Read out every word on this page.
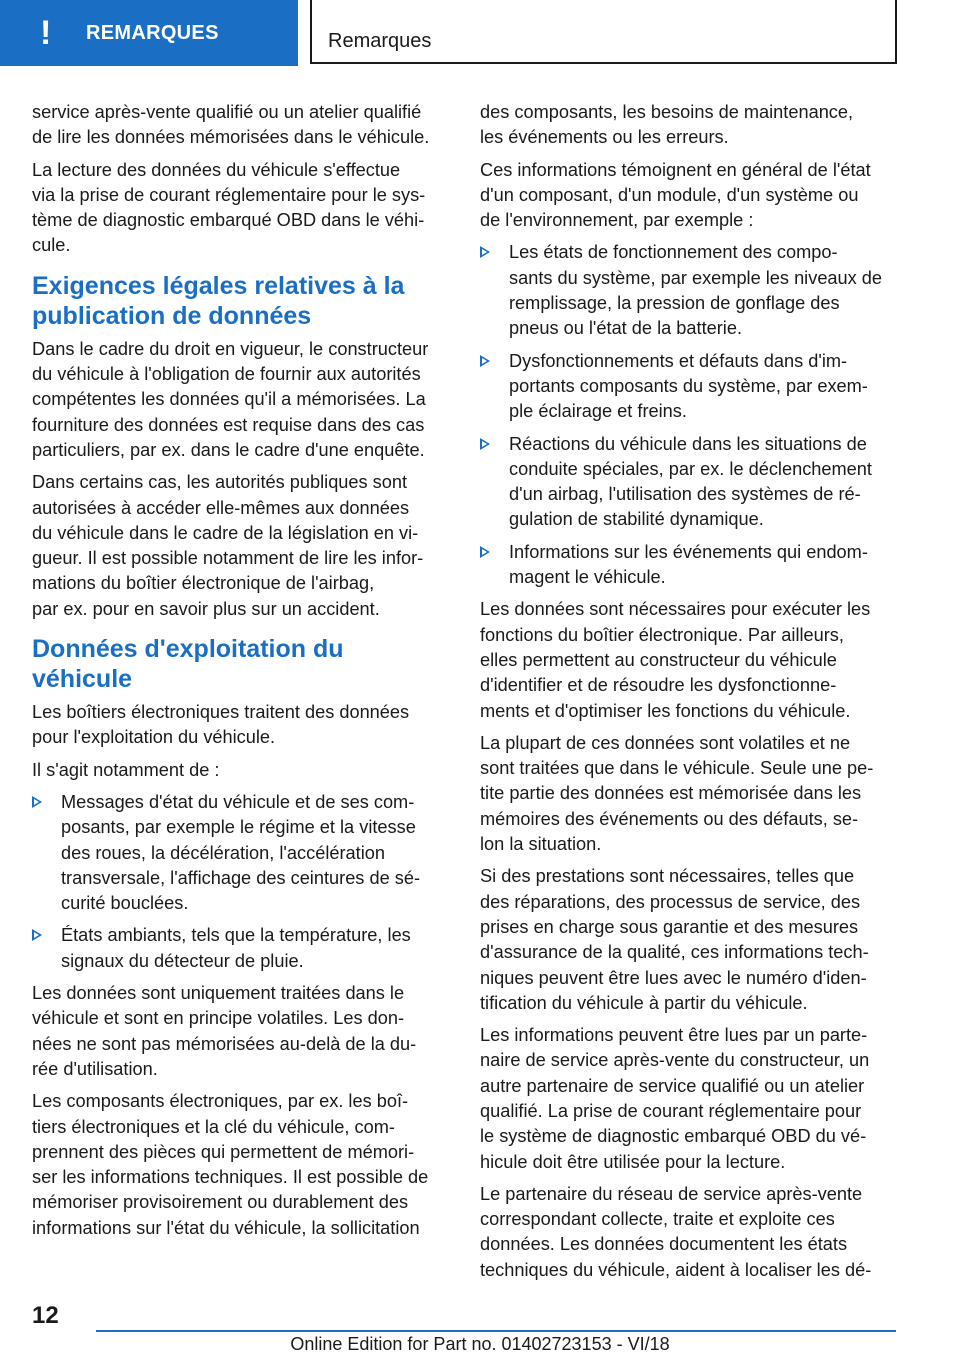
! REMARQUES	Remarques

service après-vente qualifié ou un atelier qualifié
de lire les données mémorisées dans le véhicule.

La lecture des données du véhicule s'effectue
via la prise de courant réglementaire pour le sys-
tème de diagnostic embarqué OBD dans le véhi-
cule.

Exigences légales relatives à la
publication de données

Dans le cadre du droit en vigueur, le constructeur
du véhicule à l'obligation de fournir aux autorités
compétentes les données qu'il a mémorisées. La
fourniture des données est requise dans des cas
particuliers, par ex. dans le cadre d'une enquête.

Dans certains cas, les autorités publiques sont
autorisées à accéder elle-mêmes aux données
du véhicule dans le cadre de la législation en vi-
gueur. Il est possible notamment de lire les infor-
mations du boîtier électronique de l'airbag,
par ex. pour en savoir plus sur un accident.

Données d'exploitation du
véhicule

Les boîtiers électroniques traitent des données
pour l'exploitation du véhicule.

Il s'agit notamment de :

Messages d'état du véhicule et de ses com-
posants, par exemple le régime et la vitesse
des roues, la décélération, l'accélération
transversale, l'affichage des ceintures de sé-
curité bouclées.
États ambiants, tels que la température, les
signaux du détecteur de pluie.

Les données sont uniquement traitées dans le
véhicule et sont en principe volatiles. Les don-
nées ne sont pas mémorisées au-delà de la du-
rée d'utilisation.

Les composants électroniques, par ex. les boî-
tiers électroniques et la clé du véhicule, com-
prennent des pièces qui permettent de mémori-
ser les informations techniques. Il est possible de
mémoriser provisoirement ou durablement des
informations sur l'état du véhicule, la sollicitation

des composants, les besoins de maintenance,
les événements ou les erreurs.

Ces informations témoignent en général de l'état
d'un composant, d'un module, d'un système ou
de l'environnement, par exemple :

Les états de fonctionnement des compo-
sants du système, par exemple les niveaux de
remplissage, la pression de gonflage des
pneus ou l'état de la batterie.
Dysfonctionnements et défauts dans d'im-
portants composants du système, par exem-
ple éclairage et freins.
Réactions du véhicule dans les situations de
conduite spéciales, par ex. le déclenchement
d'un airbag, l'utilisation des systèmes de ré-
gulation de stabilité dynamique.
Informations sur les événements qui endom-
magent le véhicule.

Les données sont nécessaires pour exécuter les
fonctions du boîtier électronique. Par ailleurs,
elles permettent au constructeur du véhicule
d'identifier et de résoudre les dysfonctionne-
ments et d'optimiser les fonctions du véhicule.

La plupart de ces données sont volatiles et ne
sont traitées que dans le véhicule. Seule une pe-
tite partie des données est mémorisée dans les
mémoires des événements ou des défauts, se-
lon la situation.

Si des prestations sont nécessaires, telles que
des réparations, des processus de service, des
prises en charge sous garantie et des mesures
d'assurance de la qualité, ces informations tech-
niques peuvent être lues avec le numéro d'iden-
tification du véhicule à partir du véhicule.

Les informations peuvent être lues par un parte-
naire de service après-vente du constructeur, un
autre partenaire de service qualifié ou un atelier
qualifié. La prise de courant réglementaire pour
le système de diagnostic embarqué OBD du vé-
hicule doit être utilisée pour la lecture.

Le partenaire du réseau de service après-vente
correspondant collecte, traite et exploite ces
données. Les données documentent les états
techniques du véhicule, aident à localiser les dé-

12
Online Edition for Part no. 01402723153 - VI/18
